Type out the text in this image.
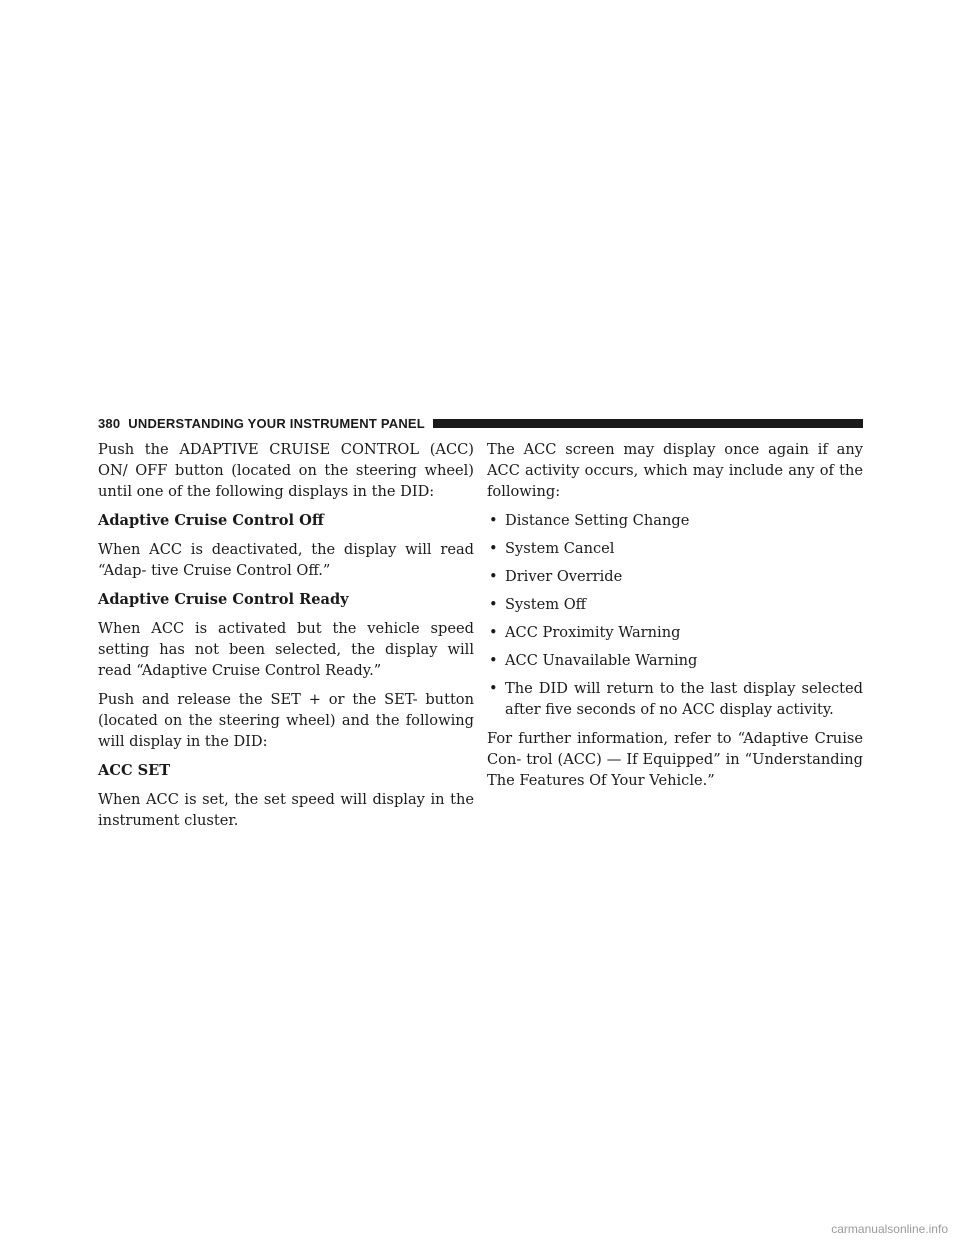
380 UNDERSTANDING YOUR INSTRUMENT PANEL

Push the ADAPTIVE CRUISE CONTROL (ACC) ON/ OFF button (located on the steering wheel) until one of the following displays in the DID:

Adaptive Cruise Control Off

When ACC is deactivated, the display will read “Adap- tive Cruise Control Off.”

Adaptive Cruise Control Ready

When ACC is activated but the vehicle speed setting has not been selected, the display will read “Adaptive Cruise Control Ready.”

Push and release the SET + or the SET- button (located on the steering wheel) and the following will display in the DID:

ACC SET

When ACC is set, the set speed will display in the instrument cluster.

The ACC screen may display once again if any ACC activity occurs, which may include any of the following:

• Distance Setting Change
• System Cancel
• Driver Override
• System Off
• ACC Proximity Warning
• ACC Unavailable Warning
• The DID will return to the last display selected after five seconds of no ACC display activity.

For further information, refer to “Adaptive Cruise Con- trol (ACC) — If Equipped” in “Understanding The Features Of Your Vehicle.”

carmanualsonline.info
